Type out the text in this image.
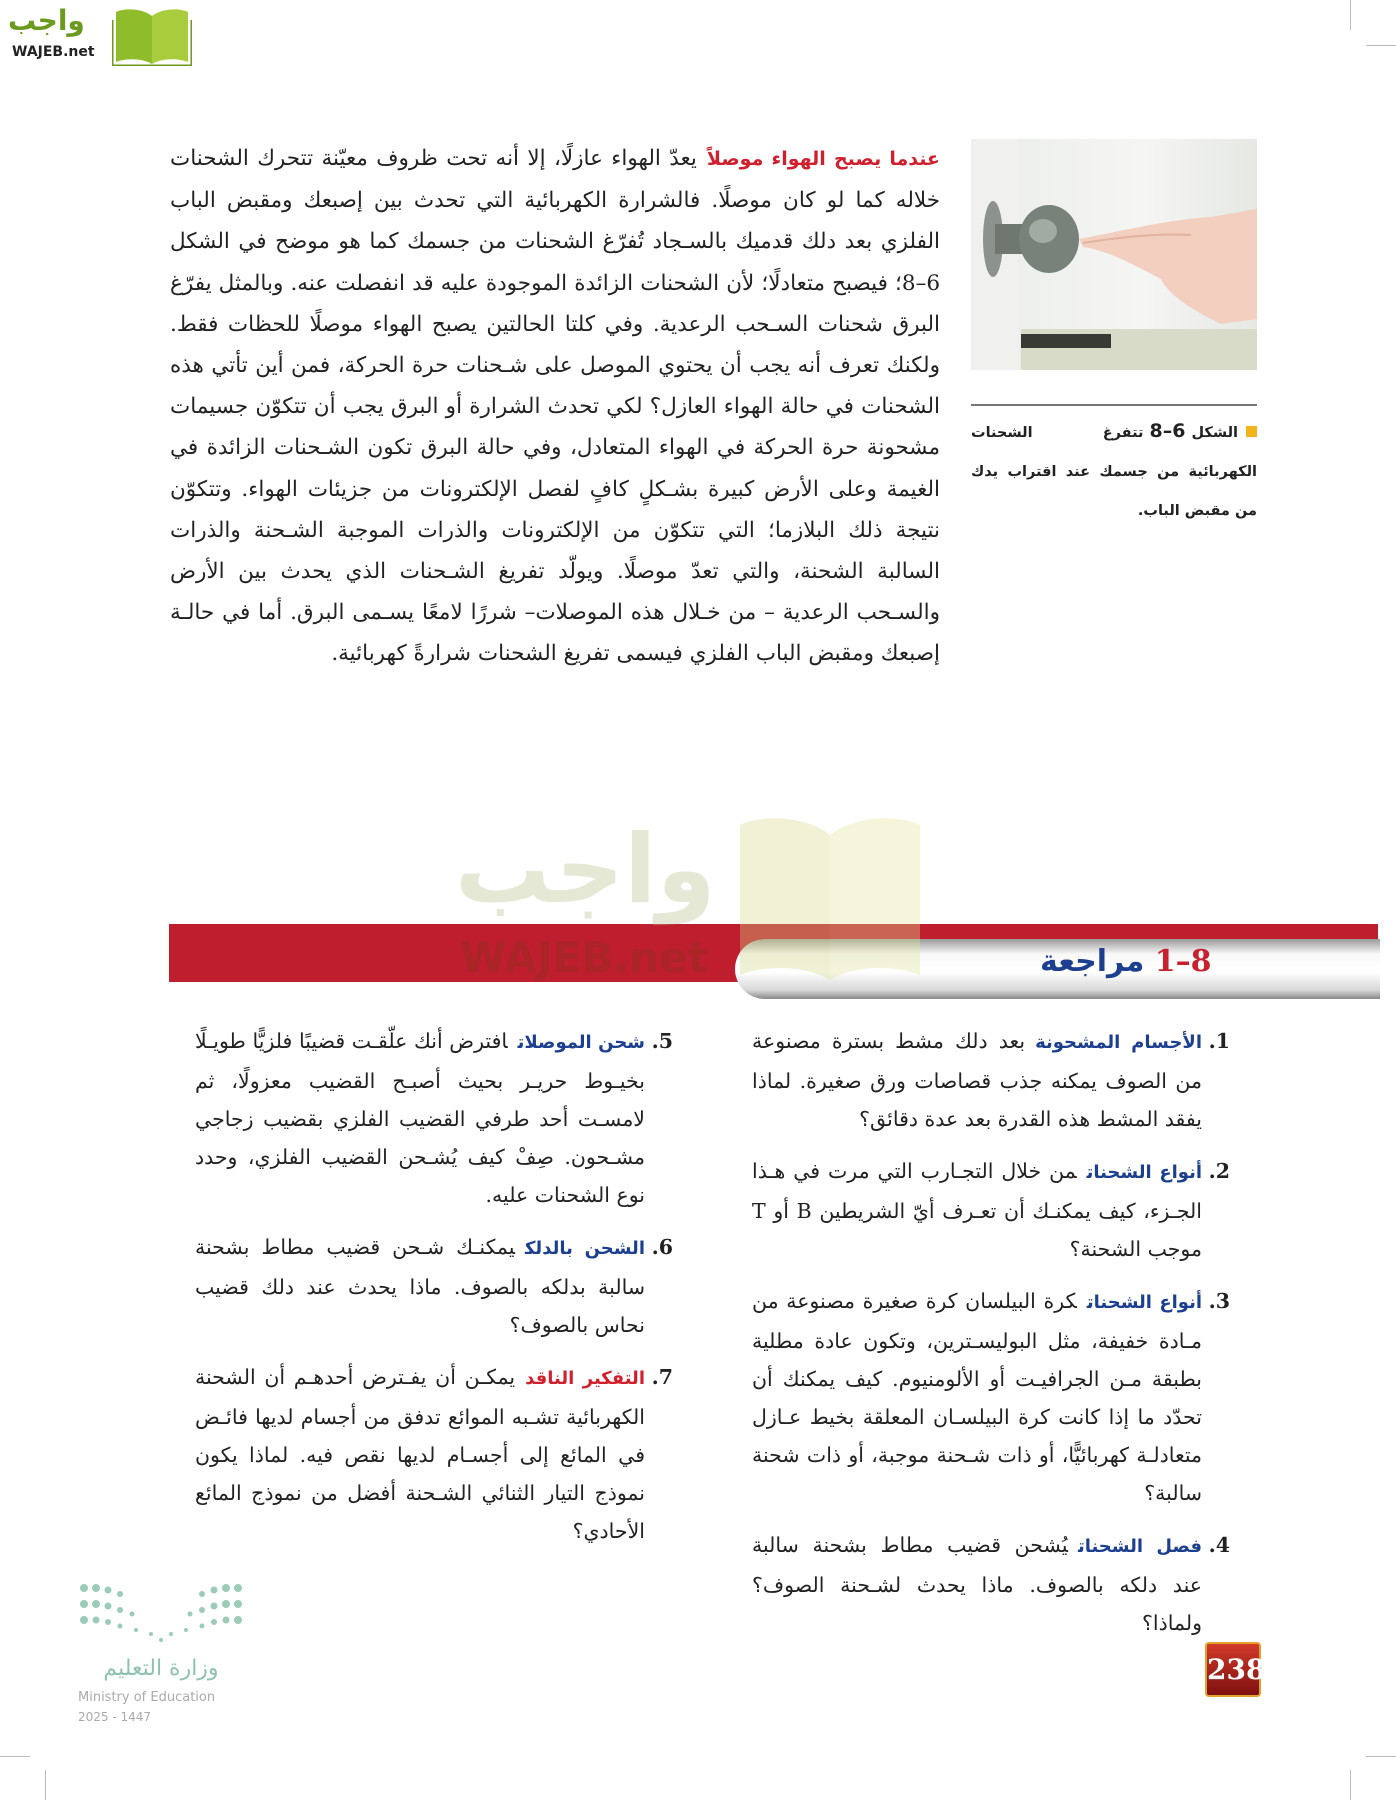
واجب
WAJEB.net
عندما يصبح الهواء موصلاًيعدّ الهواء عازلًا، إلا أنه تحت ظروف معيّنة تتحرك الشحنات خلاله كما لو كان موصلًا. فالشرارة الكهربائية التي تحدث بين إصبعك ومقبض الباب الفلزي بعد دلك قدميك بالسـجاد تُفرّغ الشحنات من جسمك كما هو موضح في الشكل 6–8؛ فيصبح متعادلًا؛ لأن الشحنات الزائدة الموجودة عليه قد انفصلت عنه. وبالمثل يفرّغ البرق شحنات السـحب الرعدية. وفي كلتا الحالتين يصبح الهواء موصلًا للحظات فقط. ولكنك تعرف أنه يجب أن يحتوي الموصل على شـحنات حرة الحركة، فمن أين تأتي هذه الشحنات في حالة الهواء العازل؟ لكي تحدث الشرارة أو البرق يجب أن تتكوّن جسيمات مشحونة حرة الحركة في الهواء المتعادل، وفي حالة البرق تكون الشـحنات الزائدة في الغيمة وعلى الأرض كبيرة بشـكلٍ كافٍ لفصل الإلكترونات من جزيئات الهواء. وتتكوّن نتيجة ذلك البلازما؛ التي تتكوّن من الإلكترونات والذرات الموجبة الشـحنة والذرات السالبة الشحنة، والتي تعدّ موصلًا. ويولّد تفريغ الشـحنات الذي يحدث بين الأرض والسـحب الرعدية – من خـلال هذه الموصلات– شررًا لامعًا يسـمى البرق. أما في حالـة إصبعك ومقبض الباب الفلزي فيسمى تفريغ الشحنات شرارةً كهربائية.
الشكل6–8تتفرغ الشحنات الكهربائية من جسمك عند اقتراب يدك من مقبض الباب.
8–1 مراجعة
واجب
WAJEB.net
1.
الأجسام المشحونةبعد دلك مشط بسترة مصنوعة من الصوف يمكنه جذب قصاصات ورق صغيرة. لماذا يفقد المشط هذه القدرة بعد عدة دقائق؟
2.
أنواع الشحناتمن خلال التجـارب التي مرت في هـذا الجـزء، كيف يمكنـك أن تعـرف أيّ الشريطين B أو T موجب الشحنة؟
3.
أنواع الشحناتكرة البيلسان كرة صغيرة مصنوعة من مـادة خفيفة، مثل البوليسـترين، وتكون عادة مطلية بطبقة مـن الجرافيـت أو الألومنيوم. كيف يمكنك أن تحدّد ما إذا كانت كرة البيلسـان المعلقة بخيط عـازل متعادلـة كهربائيًّا، أو ذات شـحنة موجبة، أو ذات شحنة سالبة؟
4.
فصل الشحناتيُشحن قضيب مطاط بشحنة سالبة عند دلكه بالصوف. ماذا يحدث لشـحنة الصوف؟ ولماذا؟
5.
شحن الموصلاتافترض أنك علّقـت قضيبًا فلزيًّا طويـلًا بخيـوط حريـر بحيث أصبـح القضيب معزولًا، ثم لامسـت أحد طرفي القضيب الفلزي بقضيب زجاجي مشـحون. صِفْ كيف يُشـحن القضيب الفلزي، وحدد نوع الشحنات عليه.
6.
الشحن بالدلكيمكنـك شـحن قضيب مطاط بشحنة سالبة بدلكه بالصوف. ماذا يحدث عند دلك قضيب نحاس بالصوف؟
7.
التفكير الناقديمكـن أن يفـترض أحدهـم أن الشحنة الكهربائية تشـبه الموائع تدفق من أجسام لديها فائـض في المائع إلى أجسـام لديها نقص فيه. لماذا يكون نموذج التيار الثنائي الشـحنة أفضل من نموذج المائع الأحادي؟
238
وزارة التعليم
Ministry of Education
2025 - 1447
